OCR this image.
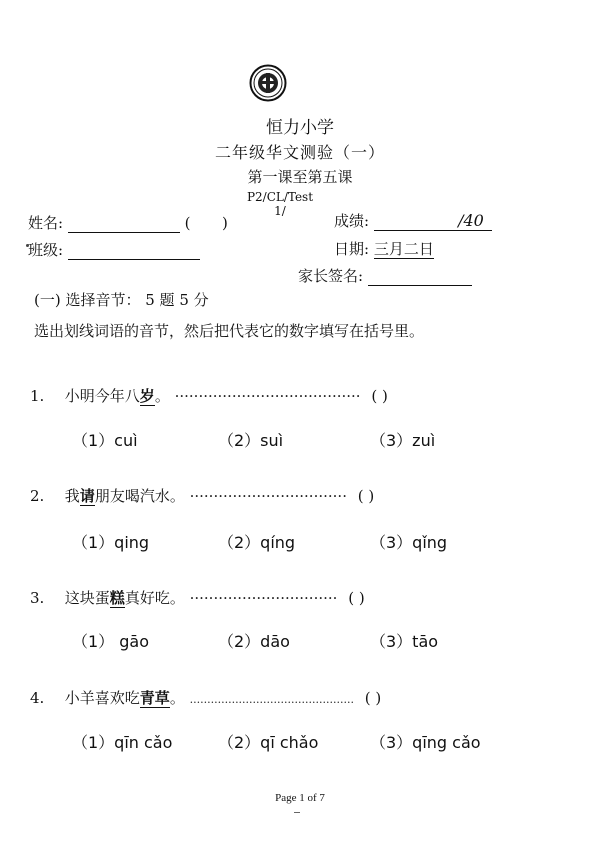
恒力小学
二年级华文测验（一）
第一课至第五课
P2/CL/Test 1/
姓名:	( )	成绩:	/40
班级:	日期: 三月二日
家长签名:
(一) 选择音节： 5 题 5 分
选出划线词语的音节，然后把代表它的数字填写在括号里。
1. 小明今年八岁。 ······································· ( )
（1）cuì	（2）suì	（3）zuì
2. 我请朋友喝汽水。 ································· ( )
（1）qing	（2）qíng	（3）qǐng
3. 这块蛋糕真好吃。 ······························· ( )
（1） gāo	（2）dāo	（3）tāo
4. 小羊喜欢吃青草。 ............................................... ( )
（1）qīn cǎo	（2）qī chǎo	（3）qīng cǎo
Page 1 of 7
